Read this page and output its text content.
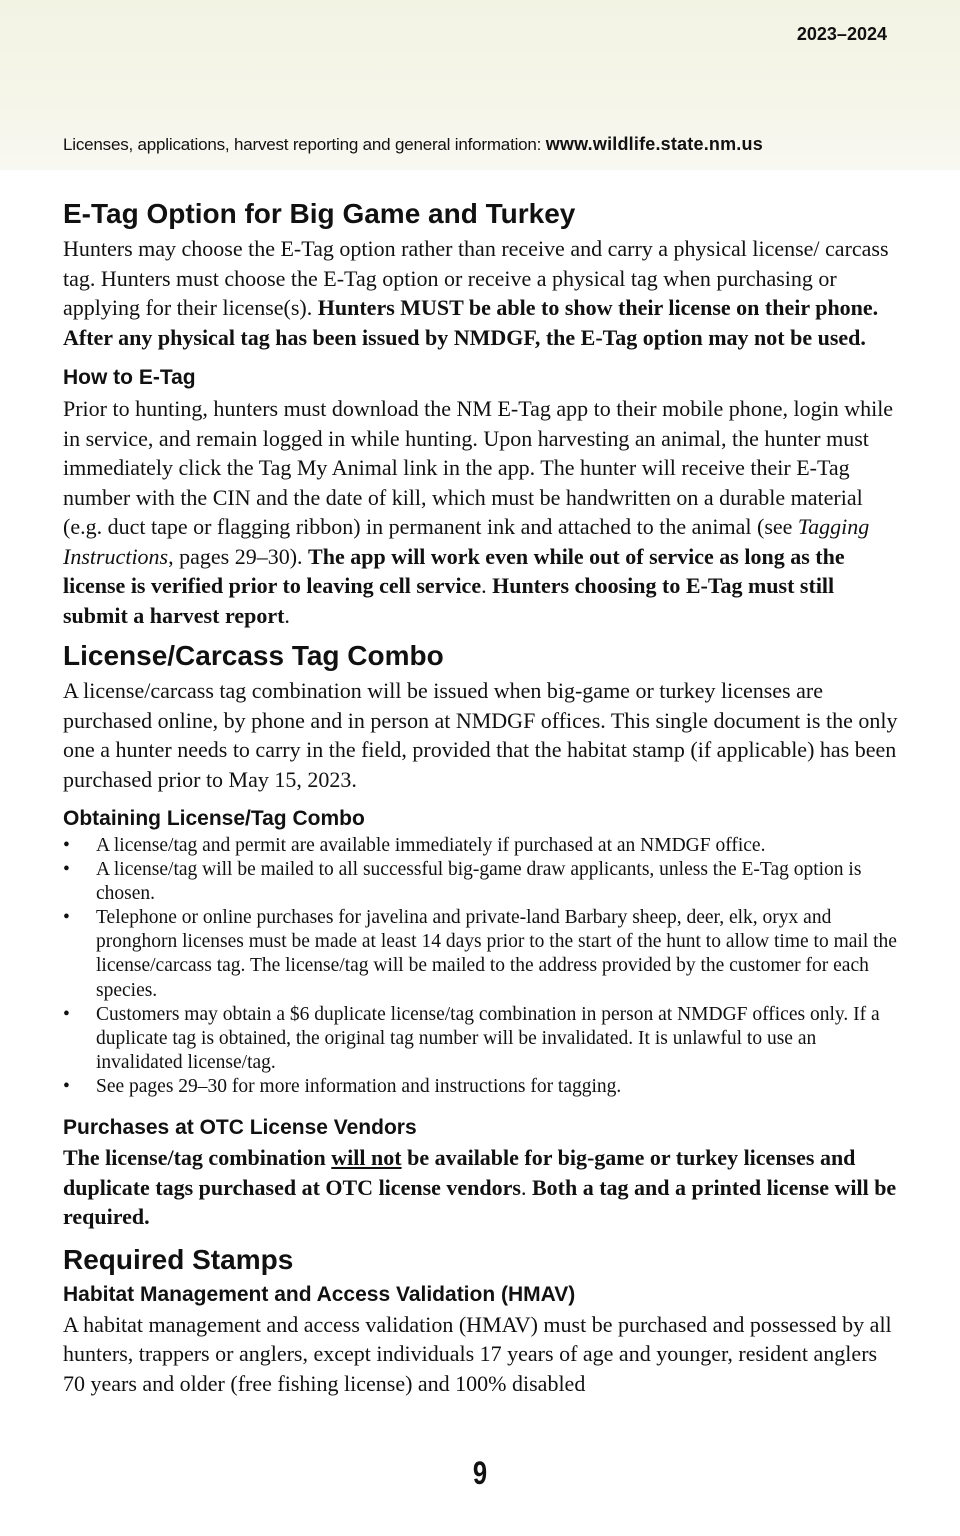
2023–2024
Licenses, applications, harvest reporting and general information: www.wildlife.state.nm.us
E-Tag Option for Big Game and Turkey

Hunters may choose the E-Tag option rather than receive and carry a physical license/ carcass tag. Hunters must choose the E-Tag option or receive a physical tag when purchasing or applying for their license(s). Hunters MUST be able to show their license on their phone. After any physical tag has been issued by NMDGF, the E-Tag option may not be used.

How to E-Tag

Prior to hunting, hunters must download the NM E-Tag app to their mobile phone, login while in service, and remain logged in while hunting. Upon harvesting an animal, the hunter must immediately click the Tag My Animal link in the app. The hunter will receive their E-Tag number with the CIN and the date of kill, which must be handwritten on a durable material (e.g. duct tape or flagging ribbon) in permanent ink and attached to the animal (see Tagging Instructions, pages 29–30). The app will work even while out of service as long as the license is verified prior to leaving cell service. Hunters choosing to E-Tag must still submit a harvest report.

License/Carcass Tag Combo

A license/carcass tag combination will be issued when big-game or turkey licenses are purchased online, by phone and in person at NMDGF offices. This single document is the only one a hunter needs to carry in the field, provided that the habitat stamp (if applicable) has been purchased prior to May 15, 2023.

Obtaining License/Tag Combo
• A license/tag and permit are available immediately if purchased at an NMDGF office.
• A license/tag will be mailed to all successful big-game draw applicants, unless the E-Tag option is chosen.
• Telephone or online purchases for javelina and private-land Barbary sheep, deer, elk, oryx and pronghorn licenses must be made at least 14 days prior to the start of the hunt to allow time to mail the license/carcass tag. The license/tag will be mailed to the address provided by the customer for each species.
• Customers may obtain a $6 duplicate license/tag combination in person at NMDGF offices only. If a duplicate tag is obtained, the original tag number will be invalidated. It is unlawful to use an invalidated license/tag.
• See pages 29–30 for more information and instructions for tagging.
Purchases at OTC License Vendors

The license/tag combination will not be available for big-game or turkey licenses and duplicate tags purchased at OTC license vendors. Both a tag and a printed license will be required.

Required Stamps
Habitat Management and Access Validation (HMAV)

A habitat management and access validation (HMAV) must be purchased and possessed by all hunters, trappers or anglers, except individuals 17 years of age and younger, resident anglers 70 years and older (free fishing license) and 100% disabled

9
